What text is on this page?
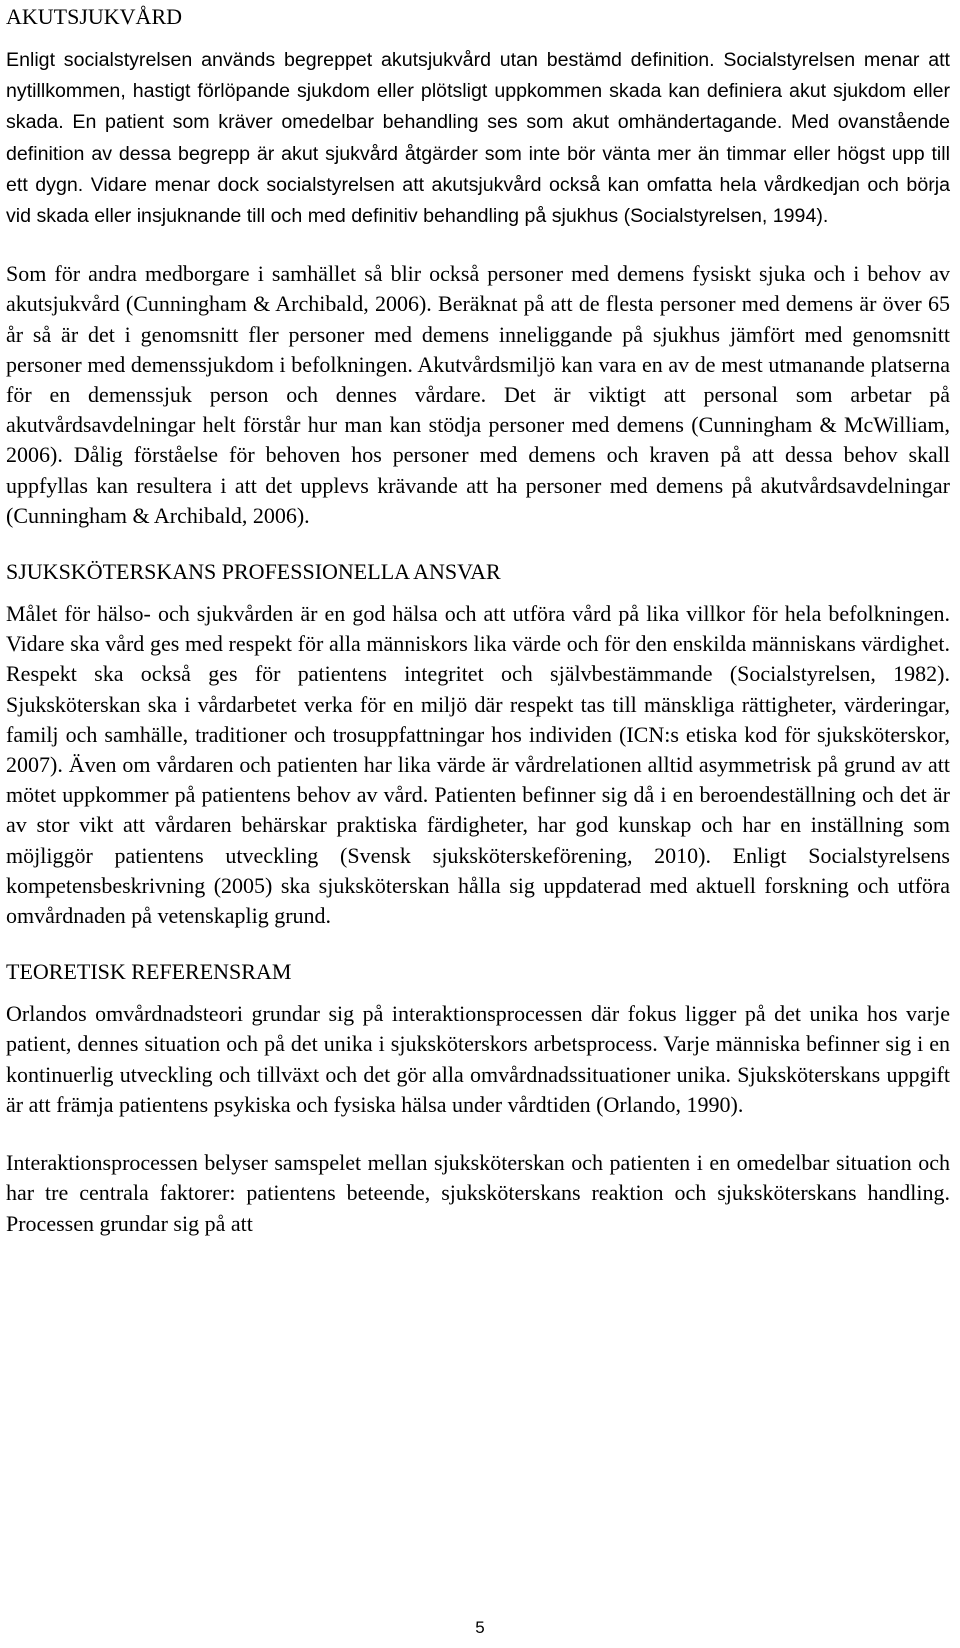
AKUTSJUKVÅRD

Enligt socialstyrelsen används begreppet akutsjukvård utan bestämd definition. Socialstyrelsen menar att nytillkommen, hastigt förlöpande sjukdom eller plötsligt uppkommen skada kan definiera akut sjukdom eller skada. En patient som kräver omedelbar behandling ses som akut omhändertagande. Med ovanstående definition av dessa begrepp är akut sjukvård åtgärder som inte bör vänta mer än timmar eller högst upp till ett dygn. Vidare menar dock socialstyrelsen att akutsjukvård också kan omfatta hela vårdkedjan och börja vid skada eller insjuknande till och med definitiv behandling på sjukhus (Socialstyrelsen, 1994).

Som för andra medborgare i samhället så blir också personer med demens fysiskt sjuka och i behov av akutsjukvård (Cunningham & Archibald, 2006). Beräknat på att de flesta personer med demens är över 65 år så är det i genomsnitt fler personer med demens inneliggande på sjukhus jämfört med genomsnitt personer med demenssjukdom i befolkningen. Akutvårdsmiljö kan vara en av de mest utmanande platserna för en demenssjuk person och dennes vårdare. Det är viktigt att personal som arbetar på akutvårdsavdelningar helt förstår hur man kan stödja personer med demens (Cunningham & McWilliam, 2006). Dålig förståelse för behoven hos personer med demens och kraven på att dessa behov skall uppfyllas kan resultera i att det upplevs krävande att ha personer med demens på akutvårdsavdelningar (Cunningham & Archibald, 2006).

SJUKSKÖTERSKANS PROFESSIONELLA ANSVAR

Målet för hälso- och sjukvården är en god hälsa och att utföra vård på lika villkor för hela befolkningen. Vidare ska vård ges med respekt för alla människors lika värde och för den enskilda människans värdighet. Respekt ska också ges för patientens integritet och självbestämmande (Socialstyrelsen, 1982). Sjuksköterskan ska i vårdarbetet verka för en miljö där respekt tas till mänskliga rättigheter, värderingar, familj och samhälle, traditioner och trosuppfattningar hos individen (ICN:s etiska kod för sjuksköterskor, 2007). Även om vårdaren och patienten har lika värde är vårdrelationen alltid asymmetrisk på grund av att mötet uppkommer på patientens behov av vård. Patienten befinner sig då i en beroendeställning och det är av stor vikt att vårdaren behärskar praktiska färdigheter, har god kunskap och har en inställning som möjliggör patientens utveckling (Svensk sjuksköterskeförening, 2010). Enligt Socialstyrelsens kompetensbeskrivning (2005) ska sjuksköterskan hålla sig uppdaterad med aktuell forskning och utföra omvårdnaden på vetenskaplig grund.

TEORETISK REFERENSRAM

Orlandos omvårdnadsteori grundar sig på interaktionsprocessen där fokus ligger på det unika hos varje patient, dennes situation och på det unika i sjuksköterskors arbetsprocess. Varje människa befinner sig i en kontinuerlig utveckling och tillväxt och det gör alla omvårdnadssituationer unika. Sjuksköterskans uppgift är att främja patientens psykiska och fysiska hälsa under vårdtiden (Orlando, 1990).

Interaktionsprocessen belyser samspelet mellan sjuksköterskan och patienten i en omedelbar situation och har tre centrala faktorer: patientens beteende, sjuksköterskans reaktion och sjuksköterskans handling. Processen grundar sig på att

5
